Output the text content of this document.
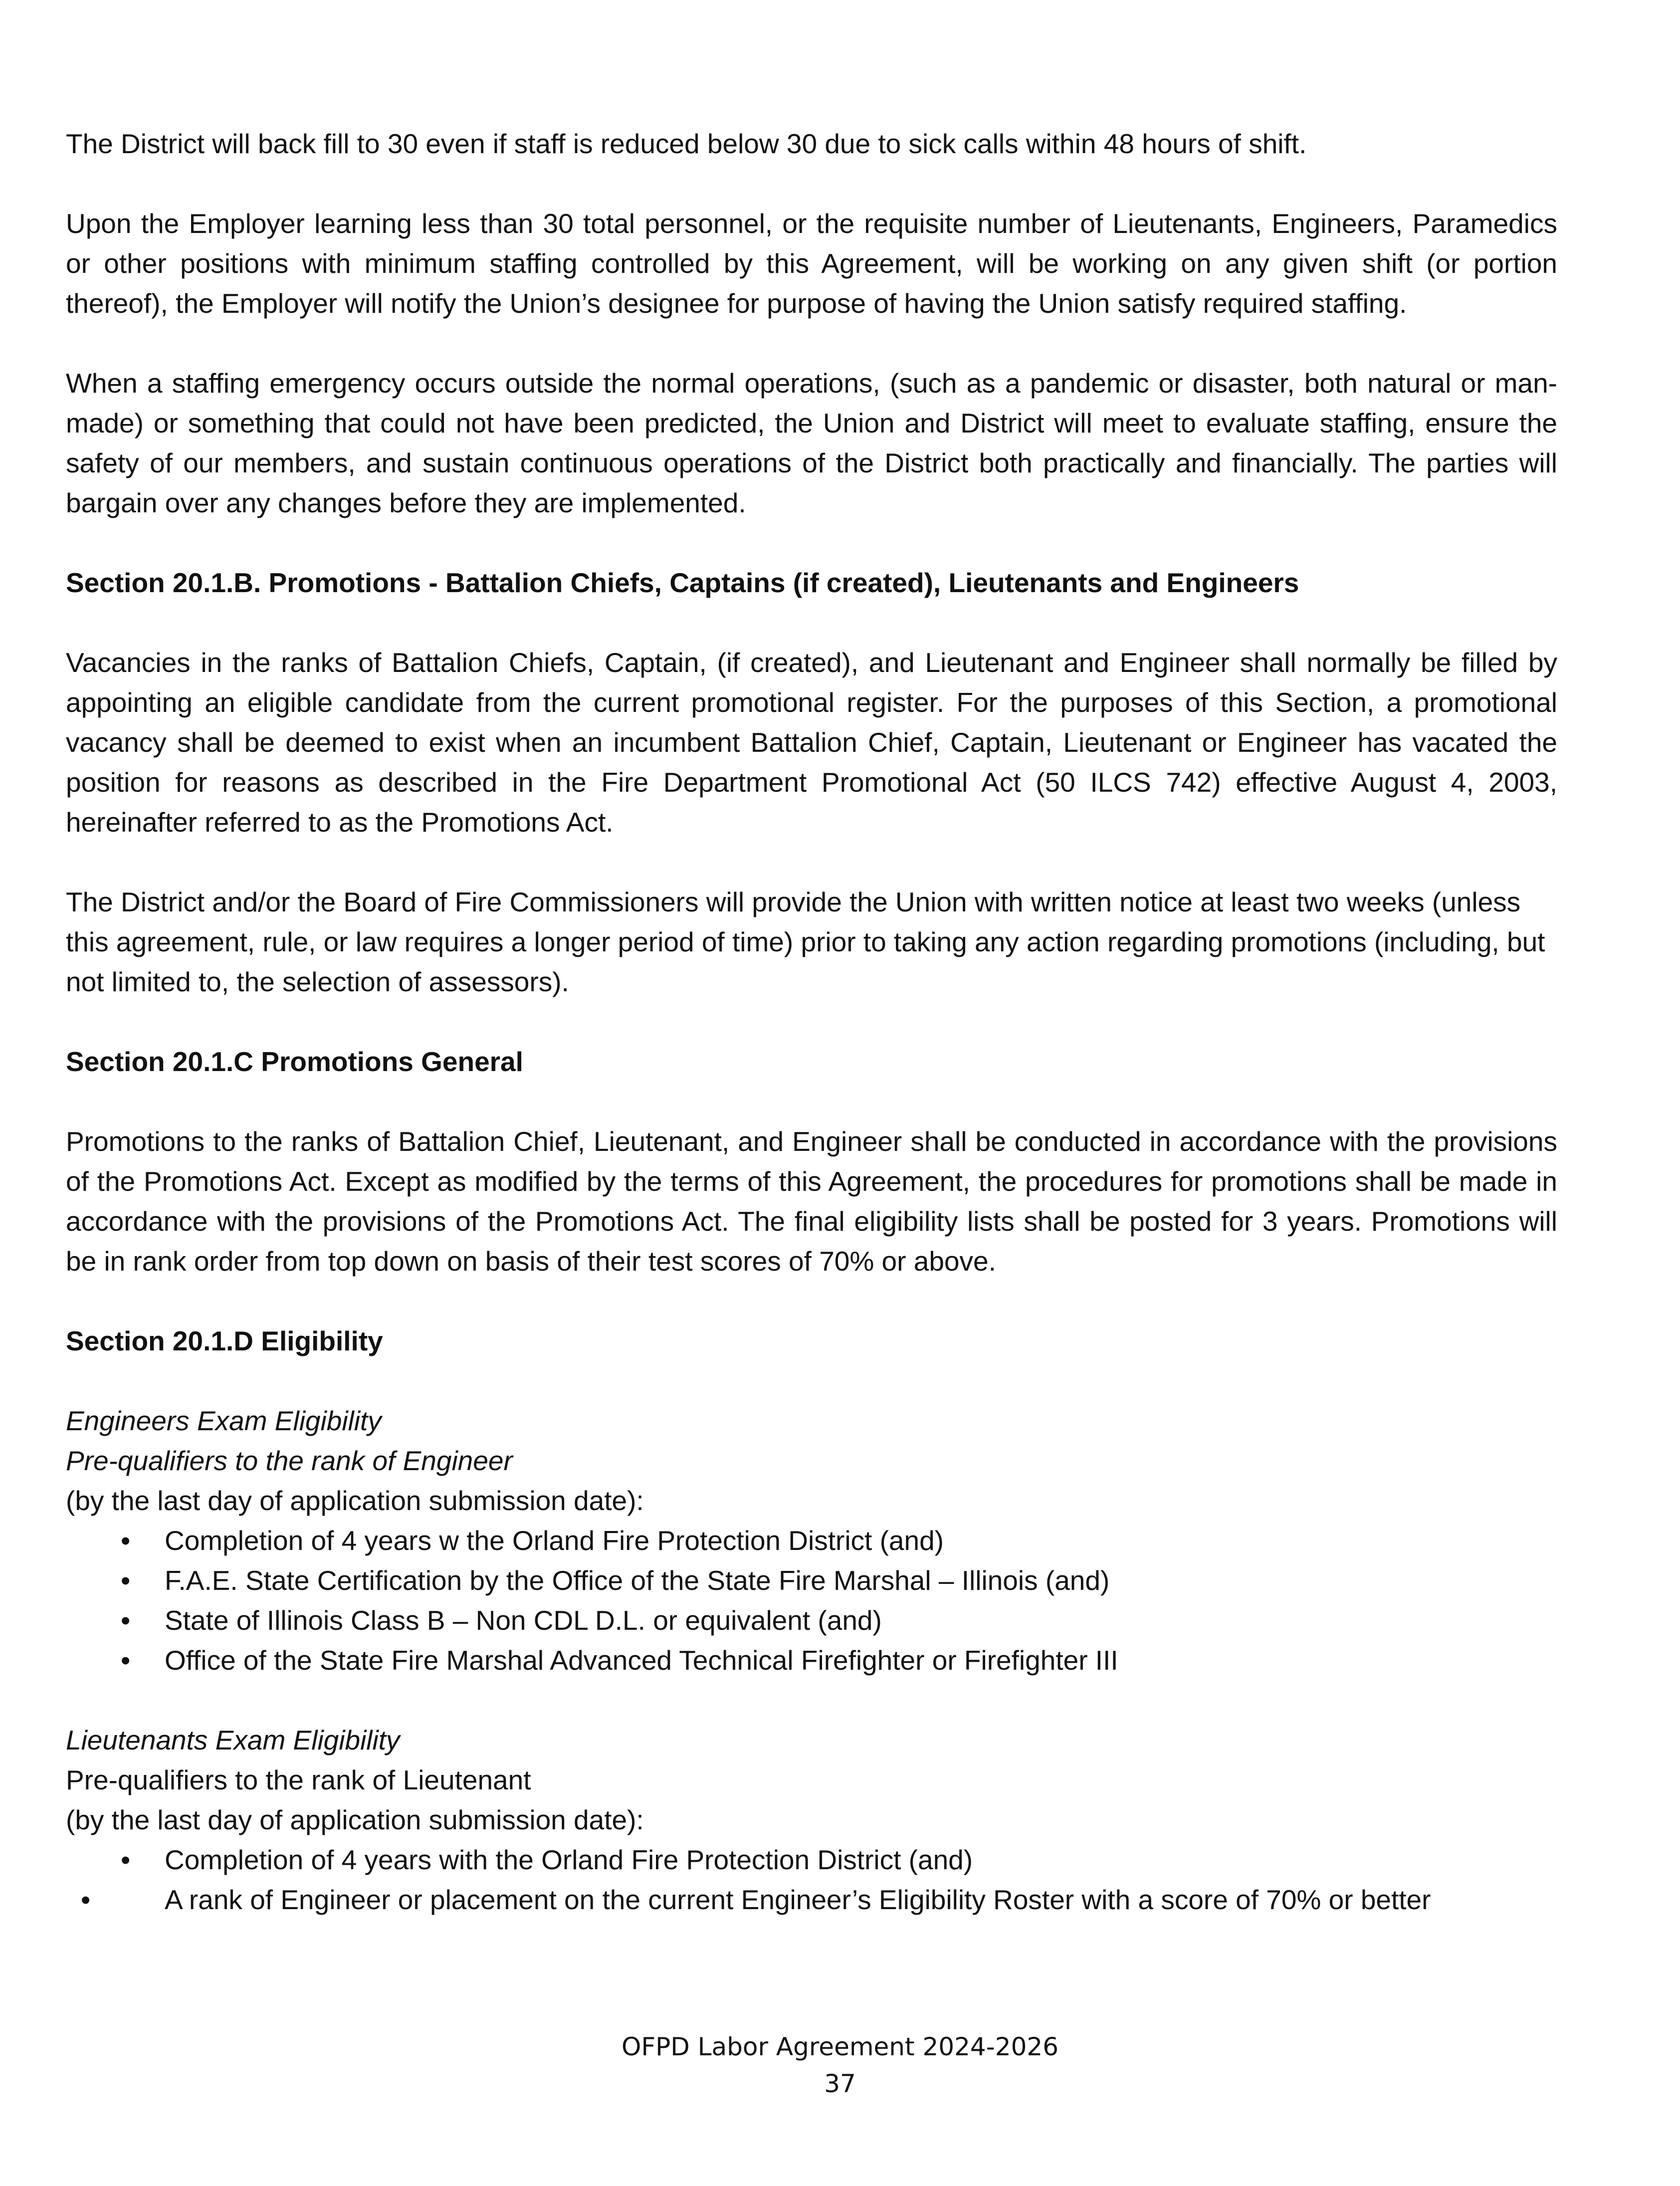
The District will back fill to 30 even if staff is reduced below 30 due to sick calls within 48 hours of shift.

Upon the Employer learning less than 30 total personnel, or the requisite number of Lieutenants, Engineers, Paramedics or other positions with minimum staffing controlled by this Agreement, will be working on any given shift (or portion thereof), the Employer will notify the Union’s designee for purpose of having the Union satisfy required staffing.

When a staffing emergency occurs outside the normal operations, (such as a pandemic or disaster, both natural or man-made) or something that could not have been predicted, the Union and District will meet to evaluate staffing, ensure the safety of our members, and sustain continuous operations of the District both practically and financially. The parties will bargain over any changes before they are implemented.

Section 20.1.B. Promotions - Battalion Chiefs, Captains (if created), Lieutenants and Engineers

Vacancies in the ranks of Battalion Chiefs, Captain, (if created), and Lieutenant and Engineer shall normally be filled by appointing an eligible candidate from the current promotional register. For the purposes of this Section, a promotional vacancy shall be deemed to exist when an incumbent Battalion Chief, Captain, Lieutenant or Engineer has vacated the position for reasons as described in the Fire Department Promotional Act (50 ILCS 742) effective August 4, 2003, hereinafter referred to as the Promotions Act.

The District and/or the Board of Fire Commissioners will provide the Union with written notice at least two weeks (unless this agreement, rule, or law requires a longer period of time) prior to taking any action regarding promotions (including, but not limited to, the selection of assessors).

Section 20.1.C Promotions General

Promotions to the ranks of Battalion Chief, Lieutenant, and Engineer shall be conducted in accordance with the provisions of the Promotions Act. Except as modified by the terms of this Agreement, the procedures for promotions shall be made in accordance with the provisions of the Promotions Act. The final eligibility lists shall be posted for 3 years. Promotions will be in rank order from top down on basis of their test scores of 70% or above.

Section 20.1.D Eligibility

Engineers Exam Eligibility

Pre-qualifiers to the rank of Engineer

(by the last day of application submission date):

• Completion of 4 years w the Orland Fire Protection District (and)
• F.A.E. State Certification by the Office of the State Fire Marshal – Illinois (and)
• State of Illinois Class B – Non CDL D.L. or equivalent (and)
• Office of the State Fire Marshal Advanced Technical Firefighter or Firefighter III

Lieutenants Exam Eligibility

Pre-qualifiers to the rank of Lieutenant

(by the last day of application submission date):

• Completion of 4 years with the Orland Fire Protection District (and)
•	A rank of Engineer or placement on the current Engineer’s Eligibility Roster with a score of 70% or better
OFPD Labor Agreement 2024-2026
37
